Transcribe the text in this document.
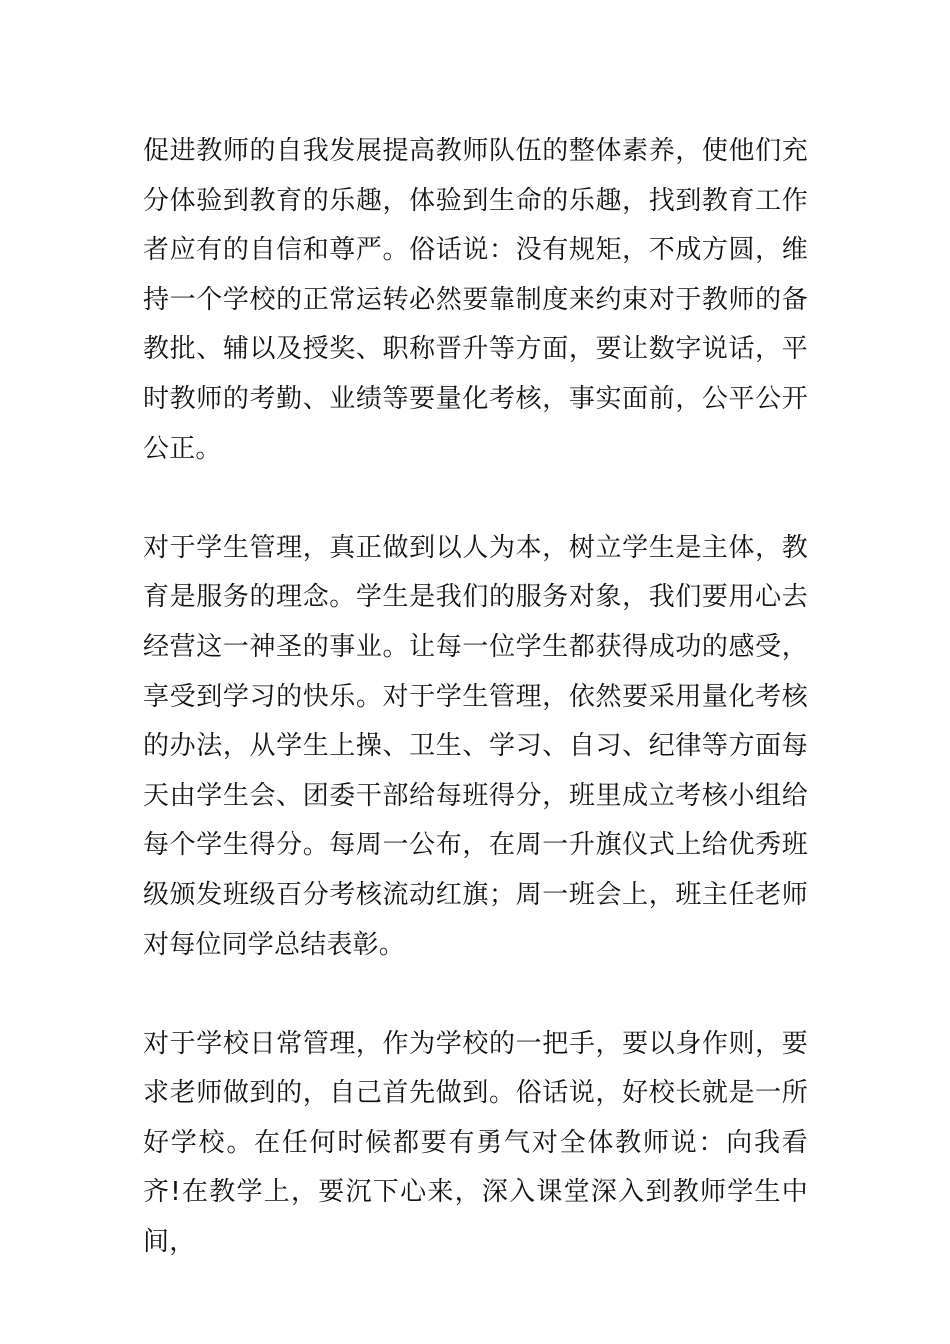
促进教师的自我发展提高教师队伍的整体素养，使他们充分体验到教育的乐趣，体验到生命的乐趣，找到教育工作者应有的自信和尊严。俗话说：没有规矩，不成方圆，维持一个学校的正常运转必然要靠制度来约束对于教师的备教批、辅以及授奖、职称晋升等方面，要让数字说话，平时教师的考勤、业绩等要量化考核，事实面前，公平公开公正。

对于学生管理，真正做到以人为本，树立学生是主体，教育是服务的理念。学生是我们的服务对象，我们要用心去经营这一神圣的事业。让每一位学生都获得成功的感受，享受到学习的快乐。对于学生管理，依然要采用量化考核的办法，从学生上操、卫生、学习、自习、纪律等方面每天由学生会、团委干部给每班得分，班里成立考核小组给每个学生得分。每周一公布，在周一升旗仪式上给优秀班级颁发班级百分考核流动红旗；周一班会上，班主任老师对每位同学总结表彰。

对于学校日常管理，作为学校的一把手，要以身作则，要求老师做到的，自己首先做到。俗话说，好校长就是一所好学校。在任何时候都要有勇气对全体教师说：向我看齐!在教学上，要沉下心来，深入课堂深入到教师学生中间，
